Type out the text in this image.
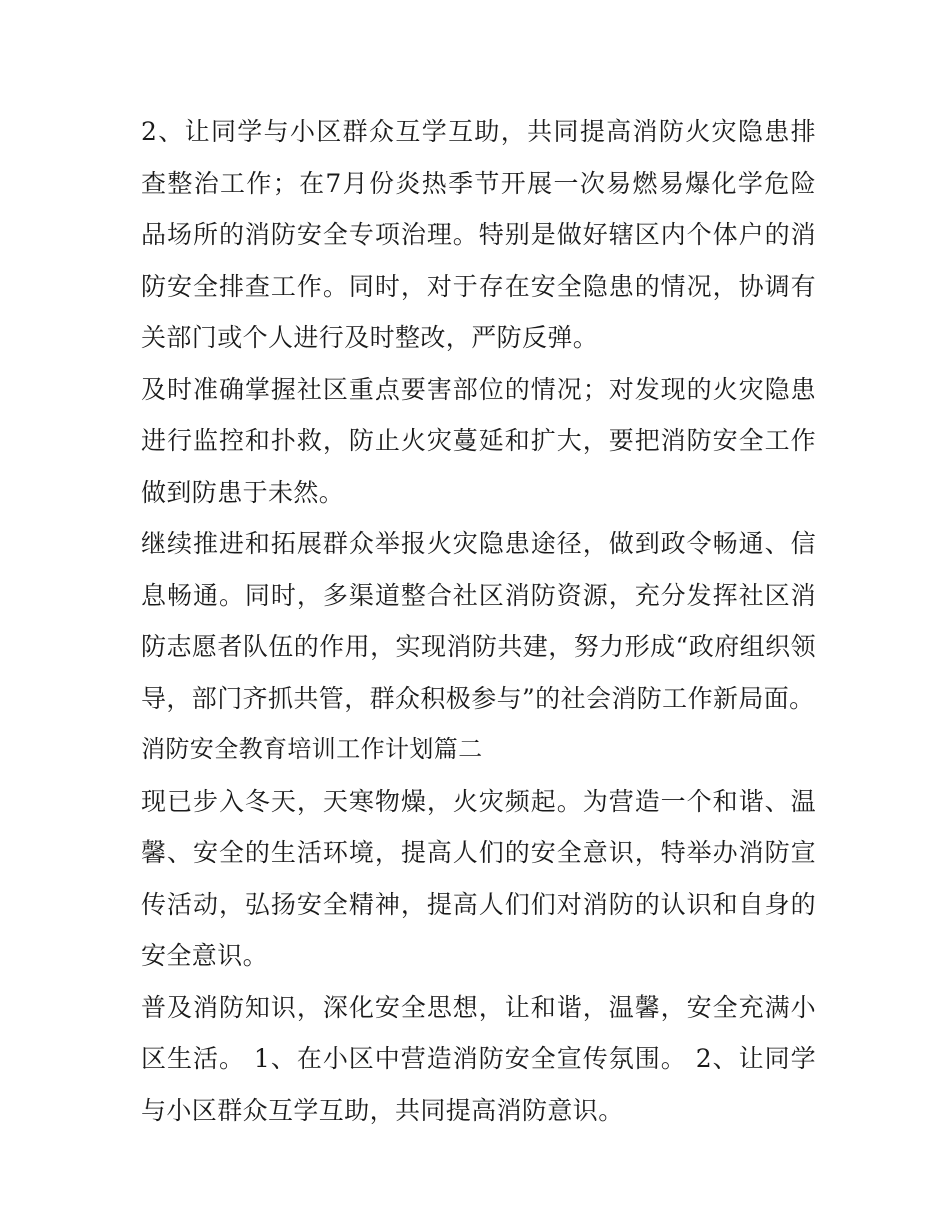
2、让同学与小区群众互学互助，共同提高消防火灾隐患排查整治工作；在7月份炎热季节开展一次易燃易爆化学危险品场所的消防安全专项治理。特别是做好辖区内个体户的消防安全排查工作。同时，对于存在安全隐患的情况，协调有关部门或个人进行及时整改，严防反弹。

及时准确掌握社区重点要害部位的情况；对发现的火灾隐患进行监控和扑救，防止火灾蔓延和扩大，要把消防安全工作做到防患于未然。

继续推进和拓展群众举报火灾隐患途径，做到政令畅通、信息畅通。同时，多渠道整合社区消防资源，充分发挥社区消防志愿者队伍的作用，实现消防共建，努力形成“政府组织领导，部门齐抓共管，群众积极参与”的社会消防工作新局面。

消防安全教育培训工作计划篇二

现已步入冬天，天寒物燥，火灾频起。为营造一个和谐、温馨、安全的生活环境，提高人们的安全意识，特举办消防宣传活动，弘扬安全精神，提高人们们对消防的认识和自身的安全意识。

普及消防知识，深化安全思想，让和谐，温馨，安全充满小区生活。 1、在小区中营造消防安全宣传氛围。 2、让同学与小区群众互学互助，共同提高消防意识。
